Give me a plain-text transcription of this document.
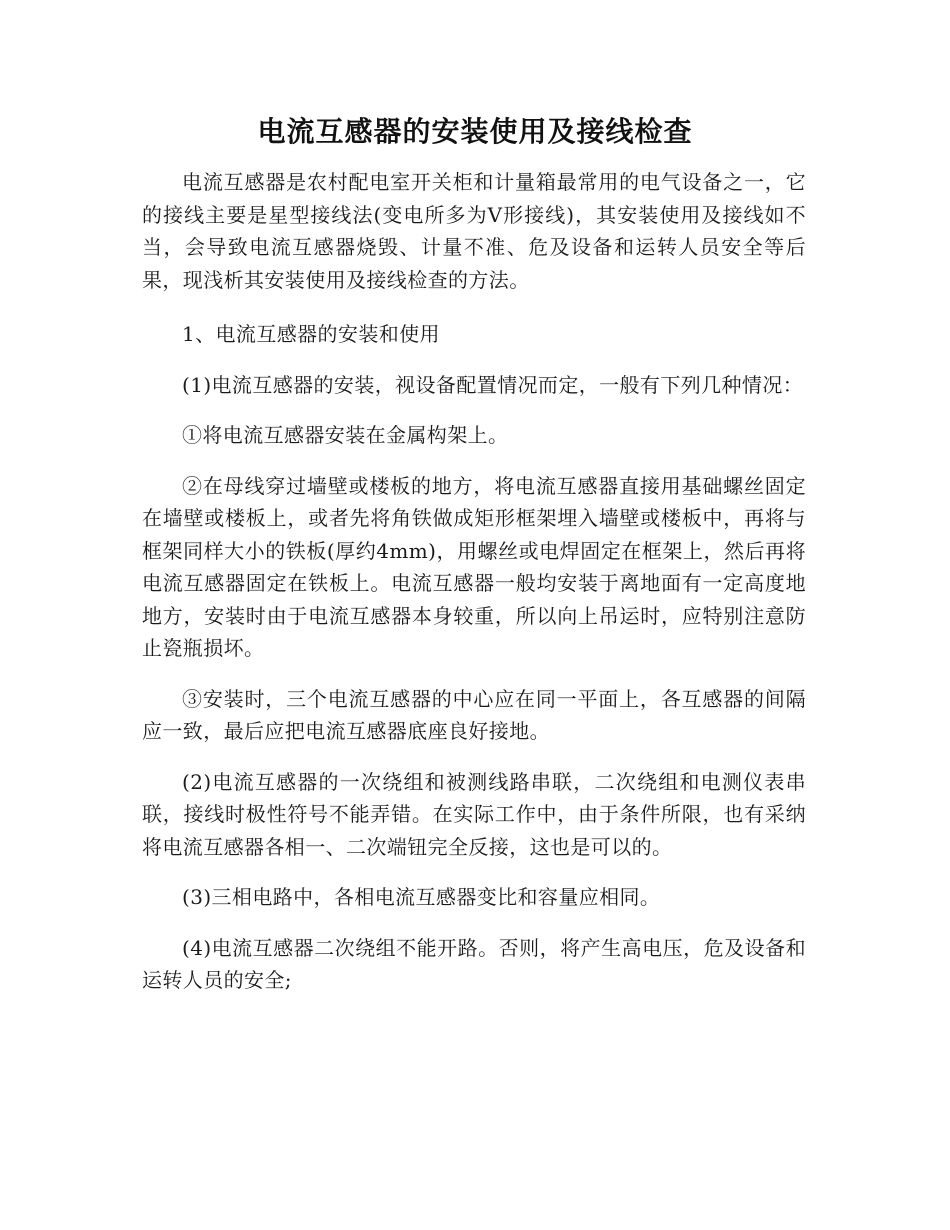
电流互感器的安装使用及接线检查

电流互感器是农村配电室开关柜和计量箱最常用的电气设备之一，它的接线主要是星型接线法(变电所多为V形接线)，其安装使用及接线如不当，会导致电流互感器烧毁、计量不准、危及设备和运转人员安全等后果，现浅析其安装使用及接线检查的方法。

1、电流互感器的安装和使用

(1)电流互感器的安装，视设备配置情况而定，一般有下列几种情况：

①将电流互感器安装在金属构架上。

②在母线穿过墙壁或楼板的地方，将电流互感器直接用基础螺丝固定在墙壁或楼板上，或者先将角铁做成矩形框架埋入墙壁或楼板中，再将与框架同样大小的铁板(厚约4mm)，用螺丝或电焊固定在框架上，然后再将电流互感器固定在铁板上。电流互感器一般均安装于离地面有一定高度地地方，安装时由于电流互感器本身较重，所以向上吊运时，应特别注意防止瓷瓶损坏。

③安装时，三个电流互感器的中心应在同一平面上，各互感器的间隔应一致，最后应把电流互感器底座良好接地。

(2)电流互感器的一次绕组和被测线路串联，二次绕组和电测仪表串联，接线时极性符号不能弄错。在实际工作中，由于条件所限，也有采纳将电流互感器各相一、二次端钮完全反接，这也是可以的。

(3)三相电路中，各相电流互感器变比和容量应相同。

(4)电流互感器二次绕组不能开路。否则，将产生高电压，危及设备和运转人员的安全;
